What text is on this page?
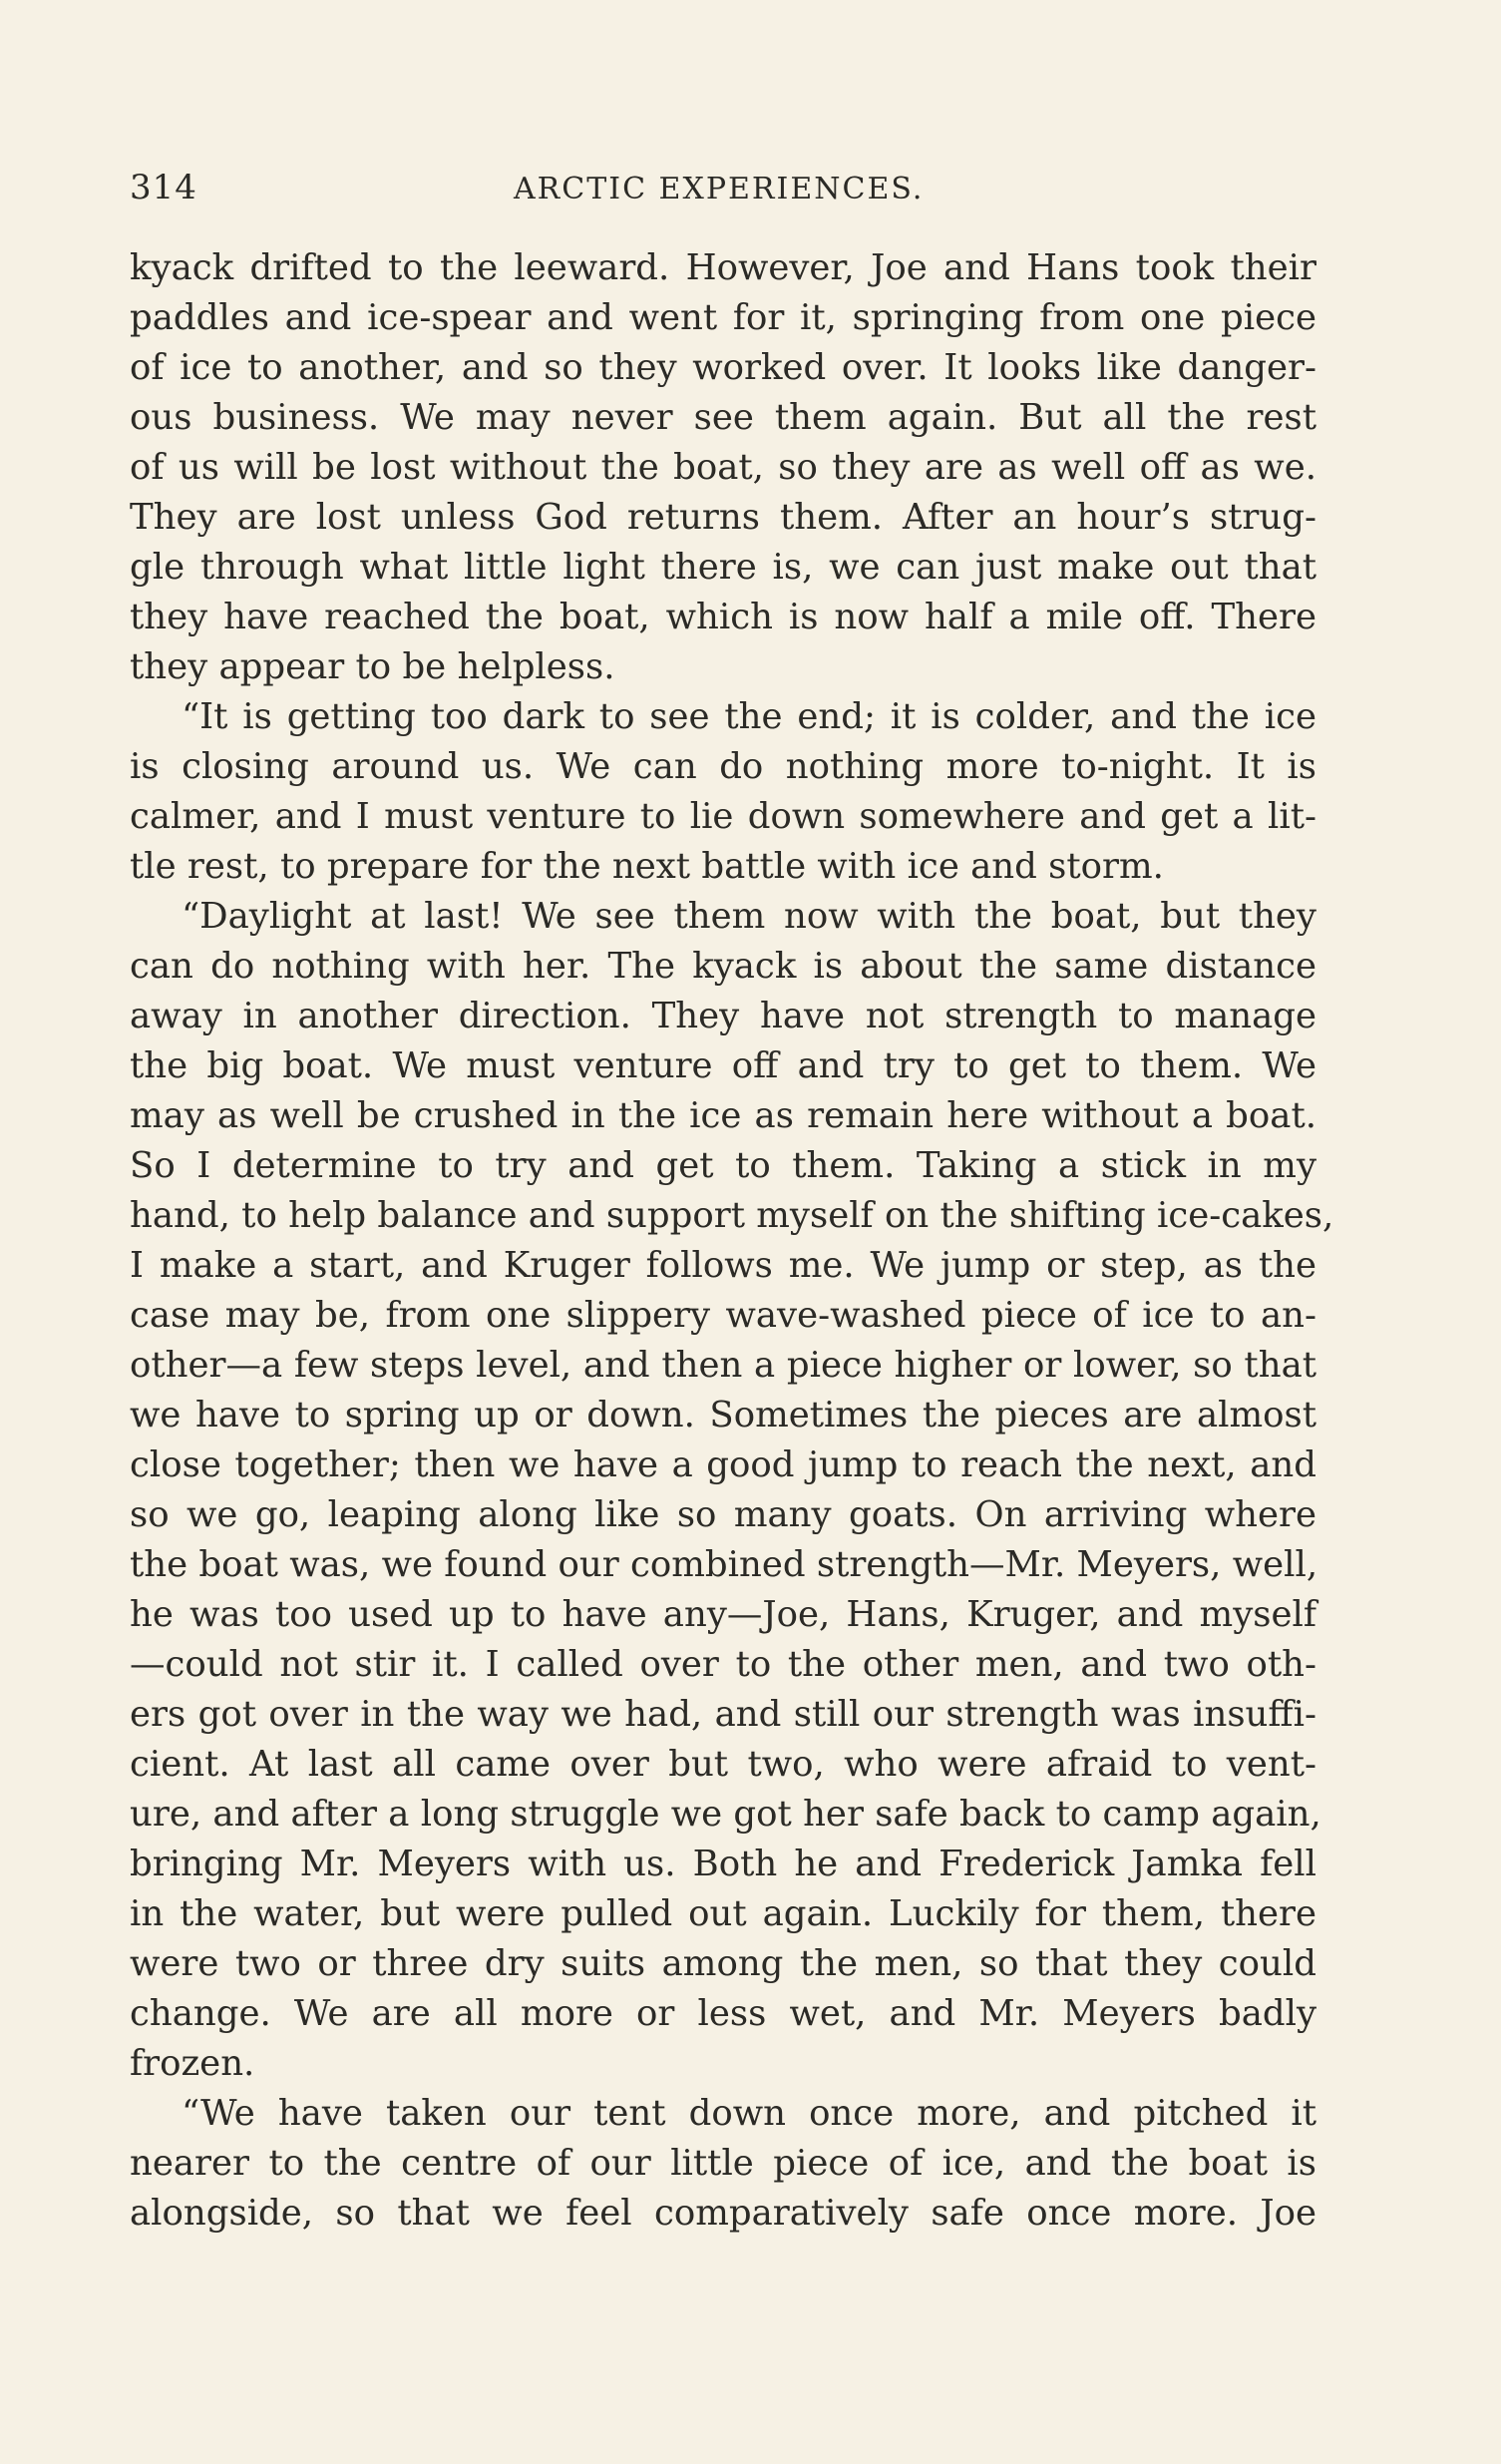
314	ARCTIC EXPERIENCES.
kyack drifted to the leeward. However, Joe and Hans took their
paddles and ice-spear and went for it, springing from one piece
of ice to another, and so they worked over. It looks like danger-
ous business. We may never see them again. But all the rest
of us will be lost without the boat, so they are as well off as we.
They are lost unless God returns them. After an hour’s strug-
gle through what little light there is, we can just make out that
they have reached the boat, which is now half a mile off. There
they appear to be helpless.
“It is getting too dark to see the end; it is colder, and the ice
is closing around us. We can do nothing more to-night. It is
calmer, and I must venture to lie down somewhere and get a lit-
tle rest, to prepare for the next battle with ice and storm.
“Daylight at last! We see them now with the boat, but they
can do nothing with her. The kyack is about the same distance
away in another direction. They have not strength to manage
the big boat. We must venture off and try to get to them. We
may as well be crushed in the ice as remain here without a boat.
So I determine to try and get to them. Taking a stick in my
hand, to help balance and support myself on the shifting ice-cakes,
I make a start, and Kruger follows me. We jump or step, as the
case may be, from one slippery wave-washed piece of ice to an-
other—a few steps level, and then a piece higher or lower, so that
we have to spring up or down. Sometimes the pieces are almost
close together; then we have a good jump to reach the next, and
so we go, leaping along like so many goats. On arriving where
the boat was, we found our combined strength—Mr. Meyers, well,
he was too used up to have any—Joe, Hans, Kruger, and myself
—could not stir it. I called over to the other men, and two oth-
ers got over in the way we had, and still our strength was insuffi-
cient. At last all came over but two, who were afraid to vent-
ure, and after a long struggle we got her safe back to camp again,
bringing Mr. Meyers with us. Both he and Frederick Jamka fell
in the water, but were pulled out again. Luckily for them, there
were two or three dry suits among the men, so that they could
change. We are all more or less wet, and Mr. Meyers badly
frozen.
“We have taken our tent down once more, and pitched it
nearer to the centre of our little piece of ice, and the boat is
alongside, so that we feel comparatively safe once more. Joe
